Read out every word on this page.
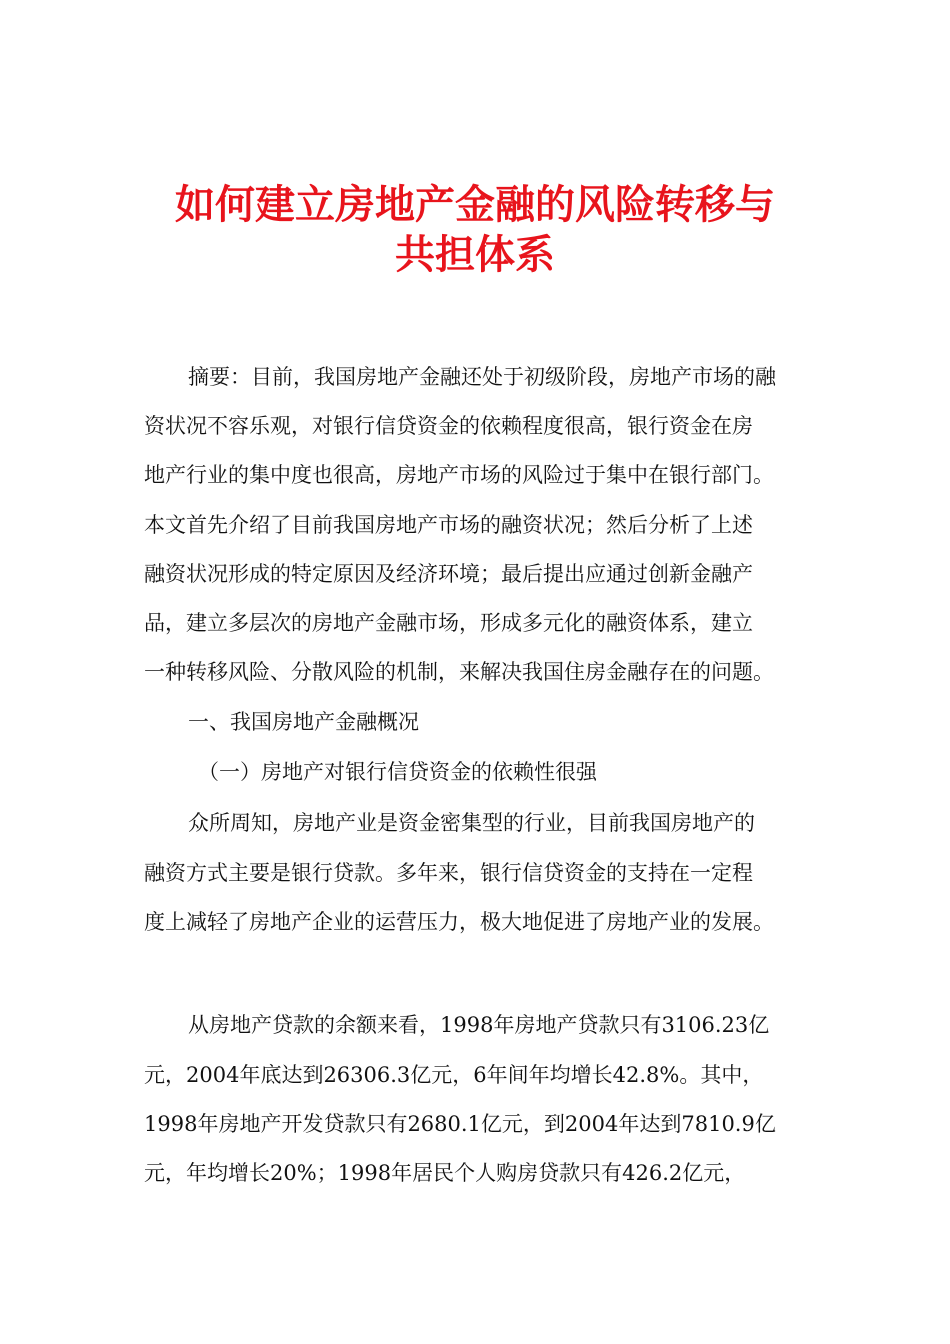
如何建立房地产金融的风险转移与
共担体系

摘要：目前，我国房地产金融还处于初级阶段，房地产市场的融

资状况不容乐观，对银行信贷资金的依赖程度很高，银行资金在房

地产行业的集中度也很高，房地产市场的风险过于集中在银行部门。

本文首先介绍了目前我国房地产市场的融资状况；然后分析了上述

融资状况形成的特定原因及经济环境；最后提出应通过创新金融产

品，建立多层次的房地产金融市场，形成多元化的融资体系，建立

一种转移风险、分散风险的机制，来解决我国住房金融存在的问题。

一、我国房地产金融概况

（一）房地产对银行信贷资金的依赖性很强

众所周知，房地产业是资金密集型的行业，目前我国房地产的

融资方式主要是银行贷款。多年来，银行信贷资金的支持在一定程

度上减轻了房地产企业的运营压力，极大地促进了房地产业的发展。

从房地产贷款的余额来看，1998年房地产贷款只有3106.23亿

元，2004年底达到26306.3亿元，6年间年均增长42.8%。其中，

1998年房地产开发贷款只有2680.1亿元，到2004年达到7810.9亿

元，年均增长20%；1998年居民个人购房贷款只有426.2亿元，
